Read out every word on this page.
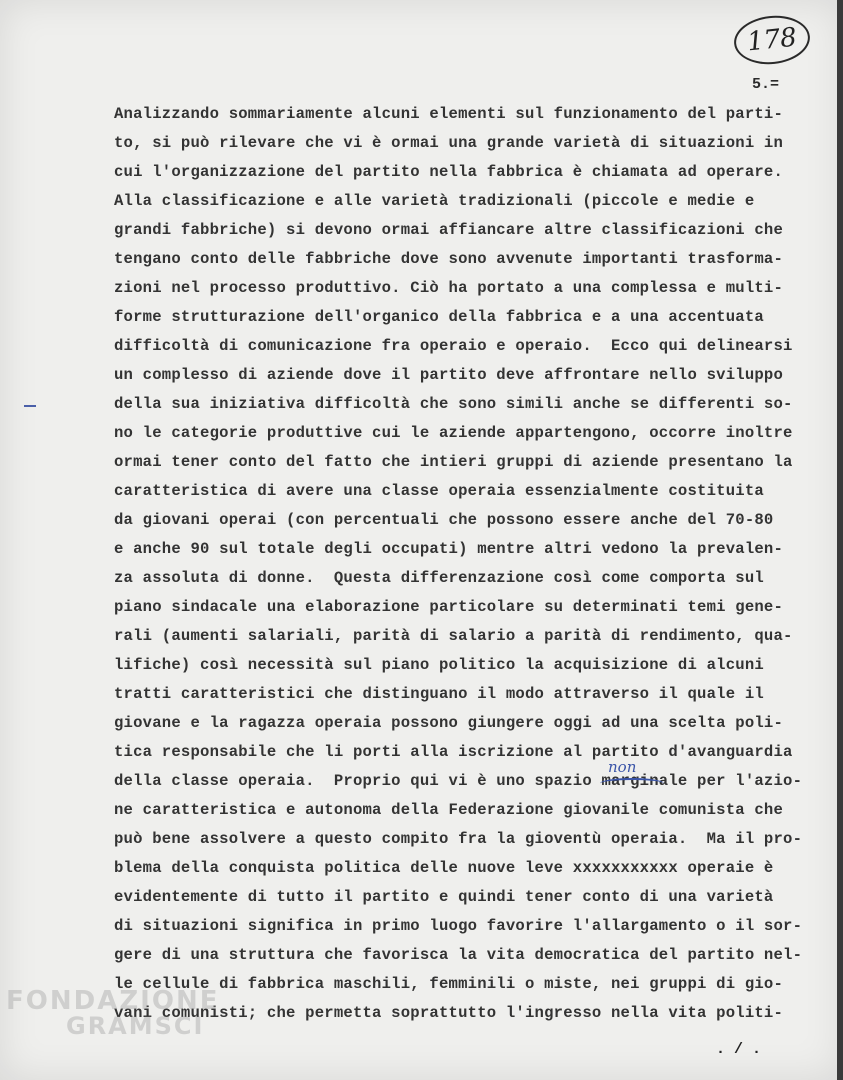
178
5.=
Analizzando sommariamente alcuni elementi sul funzionamento del parti-
to, si può rilevare che vi è ormai una grande varietà di situazioni in
cui l'organizzazione del partito nella fabbrica è chiamata ad operare.
Alla classificazione e alle varietà tradizionali (piccole e medie e
grandi fabbriche) si devono ormai affiancare altre classificazioni che
tengano conto delle fabbriche dove sono avvenute importanti trasforma-
zioni nel processo produttivo. Ciò ha portato a una complessa e multi-
forme strutturazione dell'organico della fabbrica e a una accentuata
difficoltà di comunicazione fra operaio e operaio.  Ecco qui delinearsi
un complesso di aziende dove il partito deve affrontare nello sviluppo
della sua iniziativa difficoltà che sono simili anche se differenti so-
no le categorie produttive cui le aziende appartengono, occorre inoltre
ormai tener conto del fatto che intieri gruppi di aziende presentano la
caratteristica di avere una classe operaia essenzialmente costituita
da giovani operai (con percentuali che possono essere anche del 70-80
e anche 90 sul totale degli occupati) mentre altri vedono la prevalen-
za assoluta di donne.  Questa differenzazione così come comporta sul
piano sindacale una elaborazione particolare su determinati temi gene-
rali (aumenti salariali, parità di salario a parità di rendimento, qua-
lifiche) così necessità sul piano politico la acquisizione di alcuni
tratti caratteristici che distinguano il modo attraverso il quale il
giovane e la ragazza operaia possono giungere oggi ad una scelta poli-
tica responsabile che li porti alla iscrizione al partito d'avanguardia
della classe operaia.  Proprio qui vi è uno spazio marginale per l'azio-
ne caratteristica e autonoma della Federazione giovanile comunista che
può bene assolvere a questo compito fra la gioventù operaia.  Ma il pro-
blema della conquista politica delle nuove leve xxxxxxxxxxx operaie è
evidentemente di tutto il partito e quindi tener conto di una varietà
di situazioni significa in primo luogo favorire l'allargamento o il sor-
gere di una struttura che favorisca la vita democratica del partito nel-
le cellule di fabbrica maschili, femminili o miste, nei gruppi di gio-
vani comunisti; che permetta soprattutto l'ingresso nella vita politi-
non
. / .
FONDAZIONE
GRAMSCI
